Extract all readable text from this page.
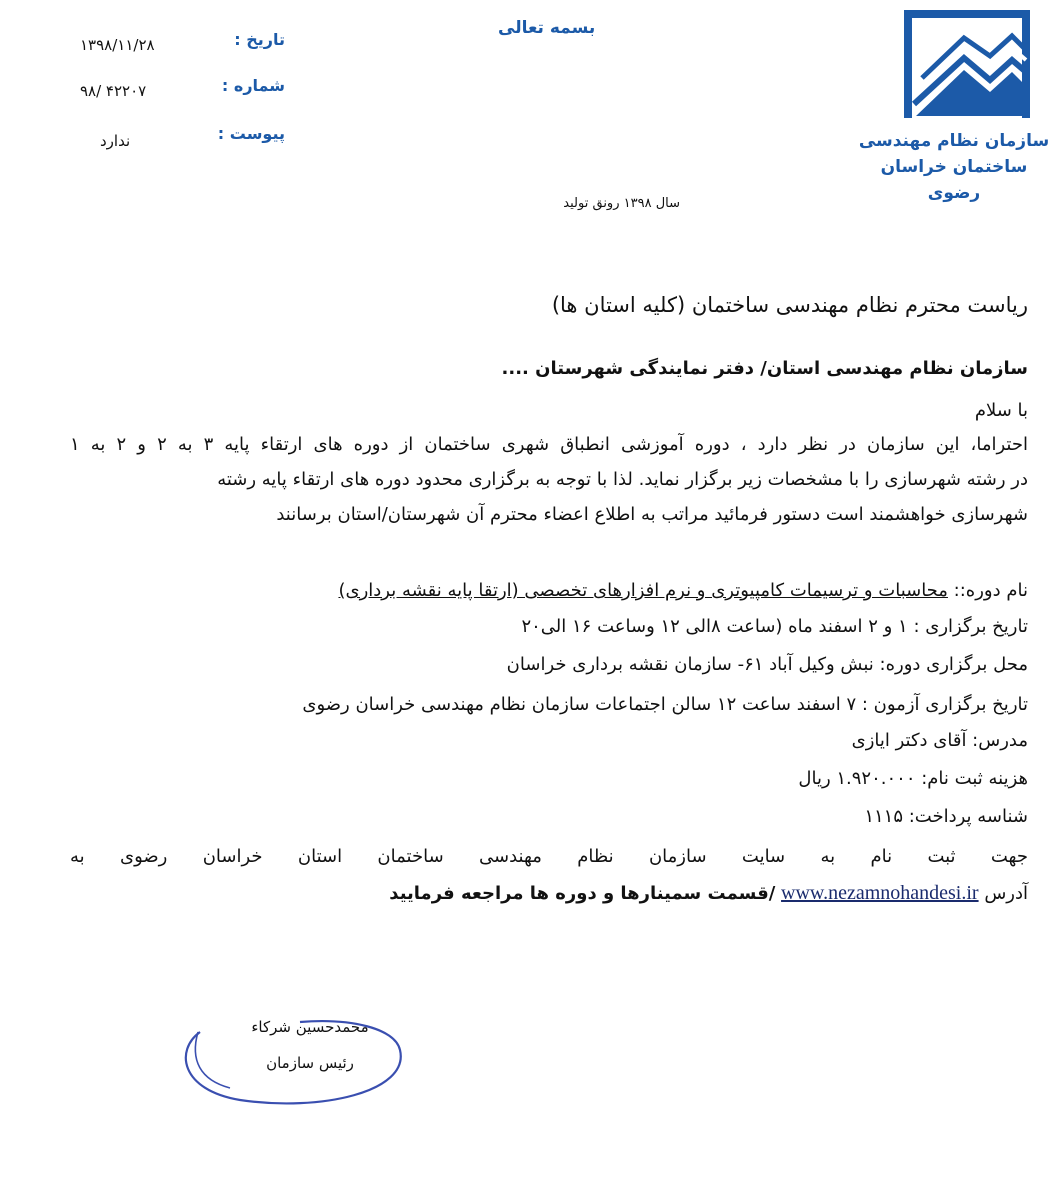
سازمان نظام مهندسی
ساختمان خراسان رضوی
بسمه تعالی
تاریخ :
۱۳۹۸/۱۱/۲۸
شماره :
۹۸/ ۴۲۲۰۷
پیوست :
ندارد
سال ۱۳۹۸ رونق تولید
ریاست محترم نظام مهندسی ساختمان (کلیه استان ها)
سازمان نظام مهندسی استان/ دفتر نمایندگی شهرستان ....
با سلام
احتراما، این سازمان در نظر دارد ، دوره آموزشی انطباق شهری ساختمان از دوره های ارتقاء پایه ۳ به ۲ و ۲ به ۱
در رشته شهرسازی را با مشخصات زیر برگزار نماید. لذا با توجه به برگزاری محدود دوره های ارتقاء پایه رشته
شهرسازی خواهشمند است دستور فرمائید مراتب به اطلاع اعضاء محترم آن شهرستان/استان برسانند
نام دوره:: محاسبات و ترسیمات کامپیوتری و نرم افزارهای تخصصی (ارتقا پایه نقشه برداری)
تاریخ برگزاری : ۱ و ۲ اسفند ماه (ساعت ۸الی ۱۲ وساعت ۱۶ الی۲۰
محل برگزاری دوره: نبش وکیل آباد ۶۱- سازمان نقشه برداری خراسان
تاریخ برگزاری آزمون : ۷ اسفند ساعت ۱۲ سالن اجتماعات سازمان نظام مهندسی خراسان رضوی
مدرس: آقای دکتر ایازی
هزینه ثبت نام: ۱.۹۲۰.۰۰۰ ریال
شناسه پرداخت: ۱۱۱۵
جهت ثبت نام به سایت سازمان نظام مهندسی ساختمان استان خراسان رضوی به
آدرس www.nezamnohandesi.ir /قسمت سمینارها و دوره ها مراجعه فرمایید
محمدحسین شرکاء
رئیس سازمان
